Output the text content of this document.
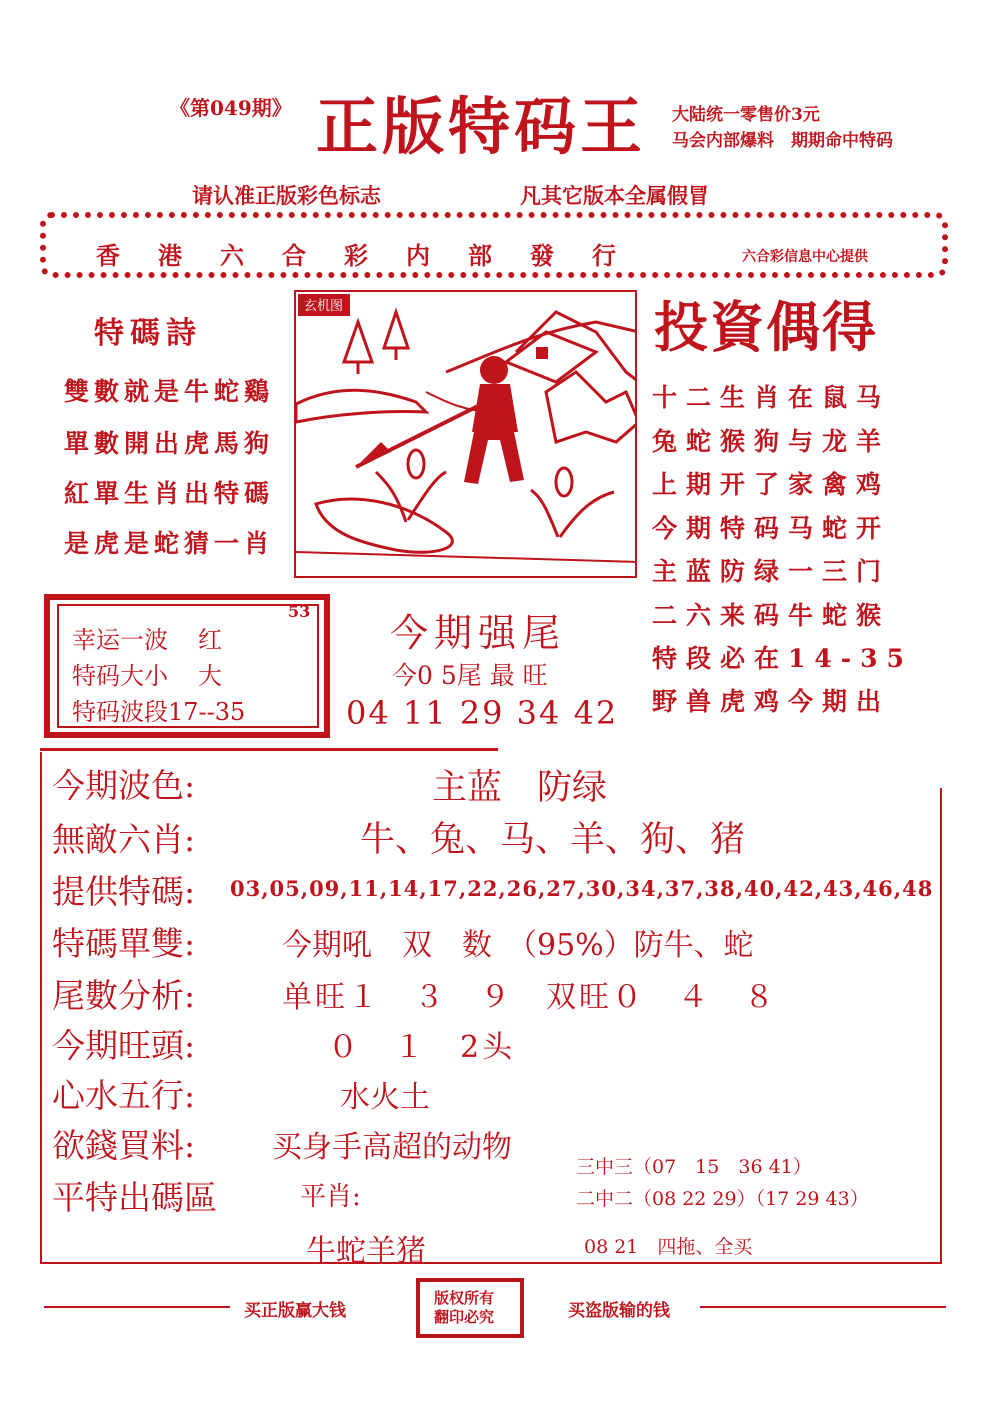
《第049期》 正版特码王 大陆统一零售价3元
马会内部爆料　期期命中特码
请认准正版彩色标志	凡其它版本全属假冒
香港六合彩内部發行	六合彩信息中心提供
特碼詩
雙數就是牛蛇鷄
單數開出虎馬狗
紅單生肖出特碼
是虎是蛇猜一肖
玄机图	投資偶得
十二生肖在鼠马
兔蛇猴狗与龙羊
上期开了家禽鸡
今期特码马蛇开
主蓝防绿一三门
二六来码牛蛇猴
特段必在14-35
野兽虎鸡今期出
53
幸运一波 红
特码大小 大
特码波段17--35
今期强尾
今0 5尾 最 旺
04 11 29 34 42
今期波色:	主蓝　防绿
無敵六肖:	牛、兔、马、羊、狗、猪
提供特碼: 03,05,09,11,14,17,22,26,27,30,34,37,38,40,42,43,46,48
特碼單雙:	今期吼　双　数　（95%）防牛、蛇
尾數分析:	单旺１　３　９　双旺０　４　８
今期旺頭:	０　１　2头
心水五行:	水火土
欲錢買料:	买身手高超的动物
平特出碼區	平肖:
牛蛇羊猪
三中三（07　15　36 41）
二中二（08 22 29）（17 29 43）
08 21　四拖、全买
买正版赢大钱
版权所有
翻印必究	买盗版输的钱
